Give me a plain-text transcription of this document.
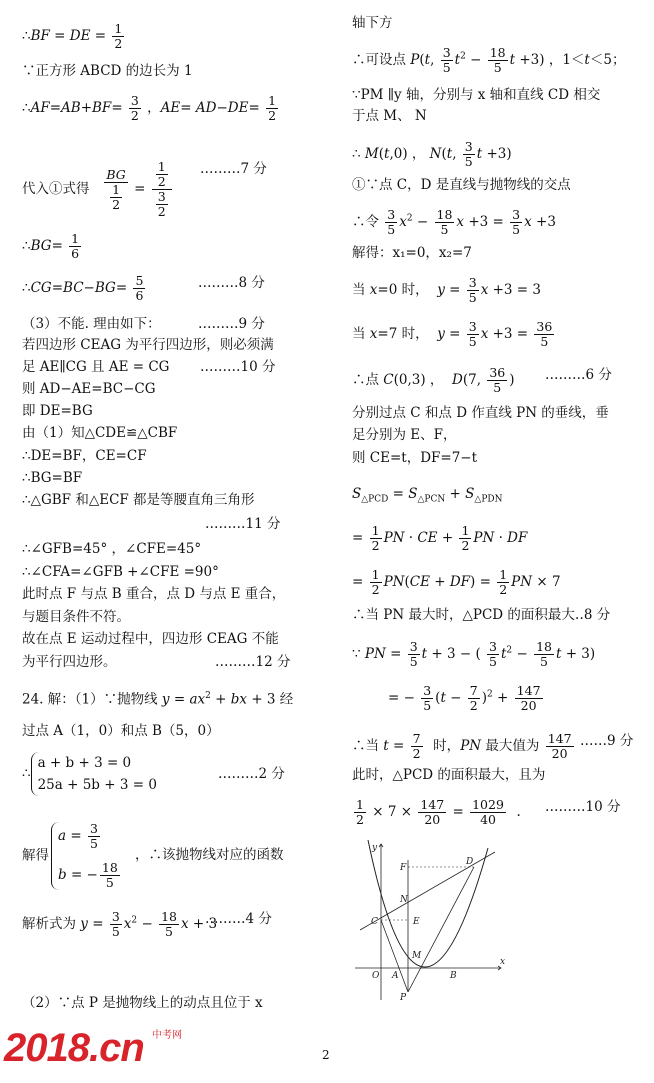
∴BF = DE = $\frac{1}{2}$
∵正方形 ABCD 的边长为 1
∴AF=AB+BF= $\frac{3}{2}$ ，$AE= AD-DE= \frac{1}{2}$
代入①式得 $\frac{BG}{\frac{1}{2}} = \frac{\frac{1}{2}}{\frac{3}{2}}$ ………7 分
∴BG= $\frac{1}{6}$
∴CG=BC−BG= $\frac{5}{6}$	………8 分
（3）不能. 理由如下：	………9 分
若四边形 CEAG 为平行四边形，则必须满
足 AE∥CG 且 AE = CG ………10 分
则 AD−AE=BC−CG
即 DE=BG
由（1）知△CDE≌△CBF
∴DE=BF，CE=CF
∴BG=BF
∴△GBF 和△ECF 都是等腰直角三角形
………11 分
∴∠GFB=45° ，∠CFE=45°
∴∠CFA=∠GFB +∠CFE =90°
此时点 F 与点 B 重合，点 D 与点 E 重合，
与题目条件不符。
故在点 E 运动过程中，四边形 CEAG 不能
为平行四边形。	………12 分
24. 解：（1）∵抛物线 $y = ax^2$ + bx + 3 经
过点 A（1，0）和点 B（5，0）
∴
a + b + 3 = 0
25a + 5b + 3 = 0
………2 分
解得
$a = \frac{3}{5}$
b = − $\frac{18}{5}$
，∴该抛物线对应的函数
解析式为 $y = \frac{3}{5} x^2 - \frac{18}{5}$ x + 3
………4 分
（2）∵点 P 是抛物线上的动点且位于 x
轴下方
∴可设点 P(t, $\frac{3}{5} t^2 - \frac{18}{5}$ t +3) ，1＜t＜5；
∵PM ∥y 轴，分别与 x 轴和直线 CD 相交
于点 M、 N
∴ M(t,0) ， N(t, $\frac{3}{5}$ t +3)
①∵点 C，D 是直线与抛物线的交点
∴令 $\frac{3}{5} x^2 - \frac{18}{5}$ $x +3 = \frac{3}{5}$ x +3
解得：x₁=0，x₂=7
当 x=0 时，  $y = \frac{3}{5}$ x +3 = 3
当 x=7 时，  $y = \frac{3}{5}$ $x +3 = \frac{36}{5}$
∴点 C(0,3) ，  D(7, $\frac{36}{5}$ ) ………6 分
分别过点 C 和点 D 作直线 PN 的垂线，垂
足分别为 E、F，
则 CE=t，DF=7−t
$S_{\triangle PCD} = S_{\triangle PCN} + S_{\triangle PDN}$
= $\frac{1}{2}$ PN · CE + $\frac{1}{2}$ PN · DF
= $\frac{1}{2} PN(CE + DF) = \frac{1}{2}$ PN × 7
∴当 PN 最大时，△PCD 的面积最大‥8 分
∵ PN = $\frac{3}{5}$ t + 3 − ( $\frac{3}{5} t^2 - \frac{18}{5}$ t + 3)
= − $\frac{3}{5} (t - \frac{7}{2} )^2 + \frac{147}{20}$
∴当 $t = \frac{7}{2}$ 时，PN 最大值为 $\frac{147}{20}$ ……9 分
此时，△PCD 的面积最大，且为
$\frac{1}{2} \times 7 \times \frac{147}{20} = \frac{1029}{40}$ . ………10 分
y
x
O A	B
C
D
E
F
M
N
P
2018.cn 中考网
2
